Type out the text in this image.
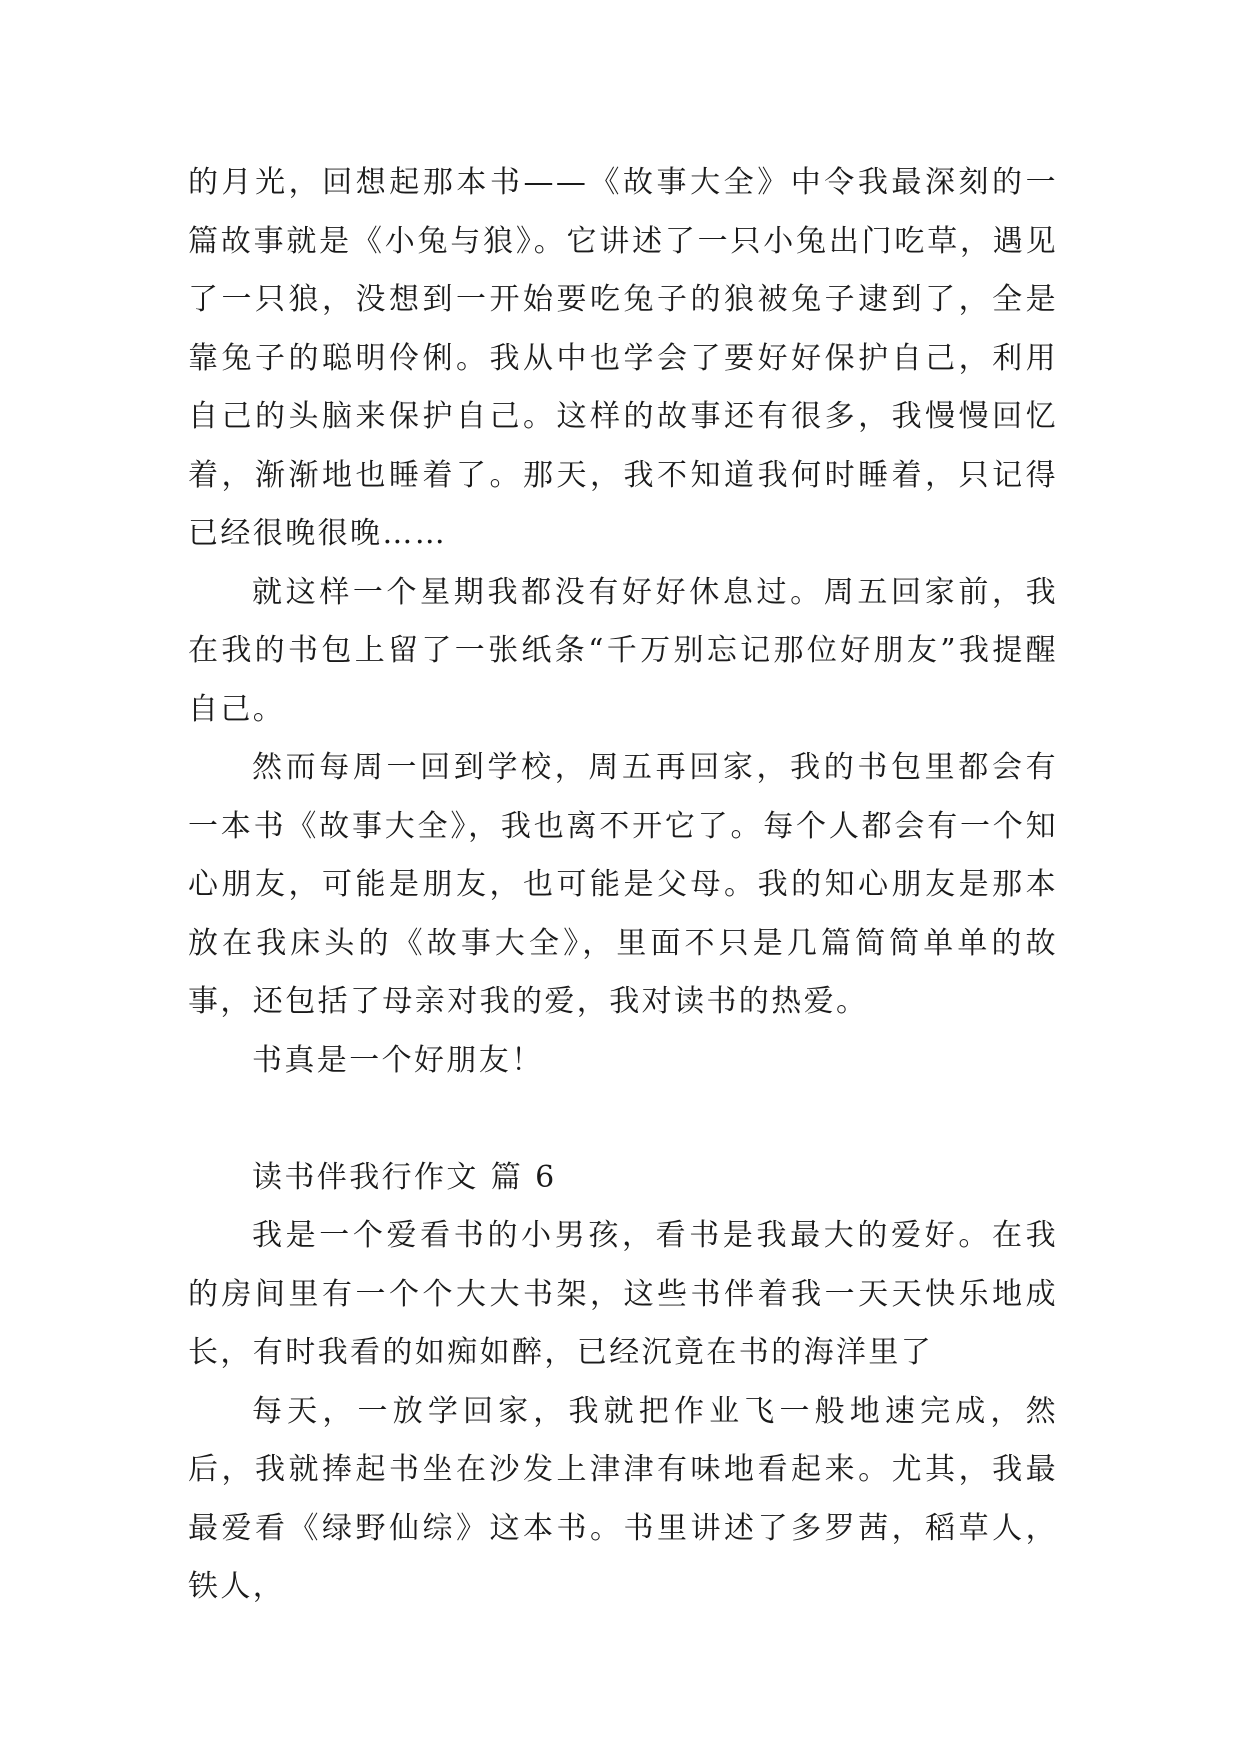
的月光，回想起那本书——《故事大全》中令我最深刻的一篇故事就是《小兔与狼》。它讲述了一只小兔出门吃草，遇见了一只狼，没想到一开始要吃兔子的狼被兔子逮到了，全是靠兔子的聪明伶俐。我从中也学会了要好好保护自己，利用自己的头脑来保护自己。这样的故事还有很多，我慢慢回忆着，渐渐地也睡着了。那天，我不知道我何时睡着，只记得已经很晚很晚……

就这样一个星期我都没有好好休息过。周五回家前，我在我的书包上留了一张纸条“千万别忘记那位好朋友”我提醒自己。

然而每周一回到学校，周五再回家，我的书包里都会有一本书《故事大全》，我也离不开它了。每个人都会有一个知心朋友，可能是朋友，也可能是父母。我的知心朋友是那本放在我床头的《故事大全》，里面不只是几篇简简单单的故事，还包括了母亲对我的爱，我对读书的热爱。

书真是一个好朋友！

读书伴我行作文 篇 6

我是一个爱看书的小男孩，看书是我最大的爱好。在我的房间里有一个个大大书架，这些书伴着我一天天快乐地成长，有时我看的如痴如醉，已经沉竟在书的海洋里了

每天，一放学回家，我就把作业飞一般地速完成，然后，我就捧起书坐在沙发上津津有味地看起来。尤其，我最最爱看《绿野仙综》这本书。书里讲述了多罗茜，稻草人，铁人，
